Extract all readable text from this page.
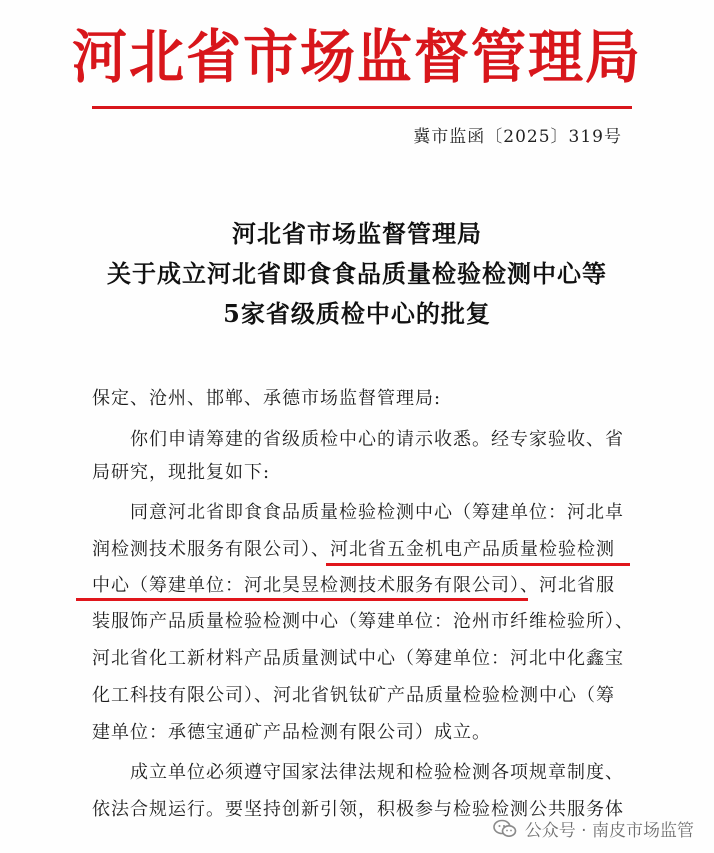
河北省市场监督管理局
冀市监函〔2025〕319号
河北省市场监督管理局
关于成立河北省即食食品质量检验检测中心等
5家省级质检中心的批复
保定、沧州、邯郸、承德市场监督管理局:
你们申请筹建的省级质检中心的请示收悉。经专家验收、省
局研究，现批复如下:
同意河北省即食食品质量检验检测中心（筹建单位：河北卓
润检测技术服务有限公司）、河北省五金机电产品质量检验检测
中心（筹建单位：河北昊昱检测技术服务有限公司）、河北省服
装服饰产品质量检验检测中心（筹建单位：沧州市纤维检验所）、
河北省化工新材料产品质量测试中心（筹建单位：河北中化鑫宝
化工科技有限公司）、河北省钒钛矿产品质量检验检测中心（筹
建单位：承德宝通矿产品检测有限公司）成立。
成立单位必须遵守国家法律法规和检验检测各项规章制度、
依法合规运行。要坚持创新引领，积极参与检验检测公共服务体
公众号 · 南皮市场监管
